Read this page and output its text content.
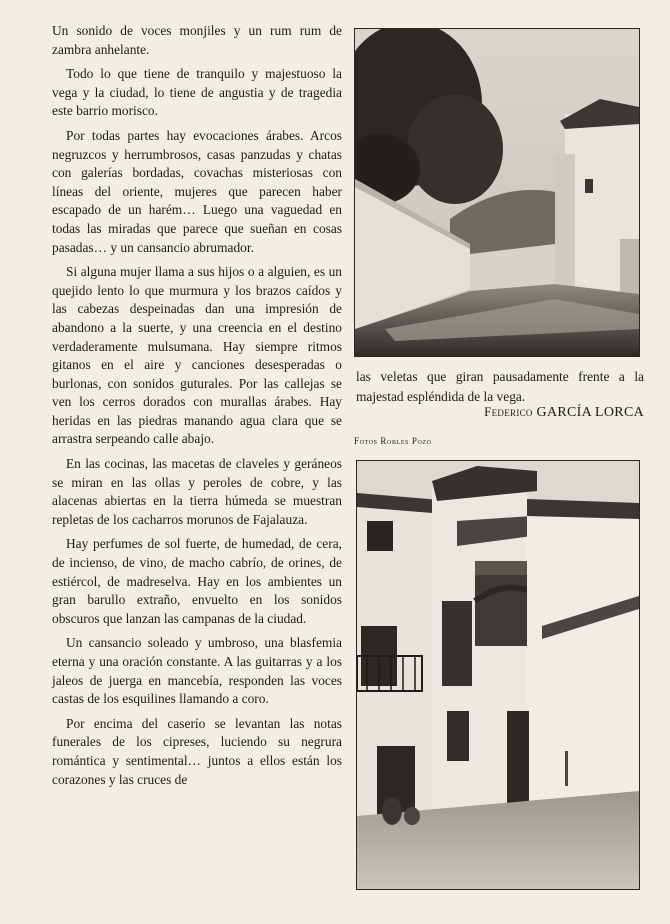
Un sonido de voces monjiles y un rum rum de zambra anhelante.

Todo lo que tiene de tranquilo y majestuoso la vega y la ciudad, lo tiene de angustia y de tragedia este barrio morisco.

Por todas partes hay evocaciones árabes. Arcos negruzcos y herrumbrosos, casas panzudas y chatas con galerías bordadas, covachas misteriosas con líneas del oriente, mujeres que parecen haber escapado de un harém… Luego una vaguedad en todas las miradas que parece que sueñan en cosas pasadas… y un cansancio abrumador.

Si alguna mujer llama a sus hijos o a alguien, es un quejido lento lo que murmura y los brazos caídos y las cabezas despeinadas dan una impresión de abandono a la suerte, y una creencia en el destino verdaderamente mulsumana. Hay siempre ritmos gitanos en el aire y canciones desesperadas o burlonas, con sonidos guturales. Por las callejas se ven los cerros dorados con murallas árabes. Hay heridas en las piedras manando agua clara que se arrastra serpeando calle abajo.

En las cocinas, las macetas de claveles y geráneos se miran en las ollas y peroles de cobre, y las alacenas abiertas en la tierra húmeda se muestran repletas de los cacharros morunos de Fajalauza.

Hay perfumes de sol fuerte, de humedad, de cera, de incienso, de vino, de macho cabrío, de orines, de estiércol, de madreselva. Hay en los ambientes un gran barullo extraño, envuelto en los sonidos obscuros que lanzan las campanas de la ciudad.

Un cansancio soleado y umbroso, una blasfemia eterna y una oración constante. A las guitarras y a los jaleos de juerga en mancebía, responden las voces castas de los esquilines llamando a coro.

Por encima del caserío se levantan las notas funerales de los cipreses, luciendo su negrura romántica y sentimental… juntos a ellos están los corazones y las cruces de

las veletas que giran pausadamente frente a la majestad espléndida de la vega.

Federico GARCÍA LORCA
Fotos Robles Pozo
